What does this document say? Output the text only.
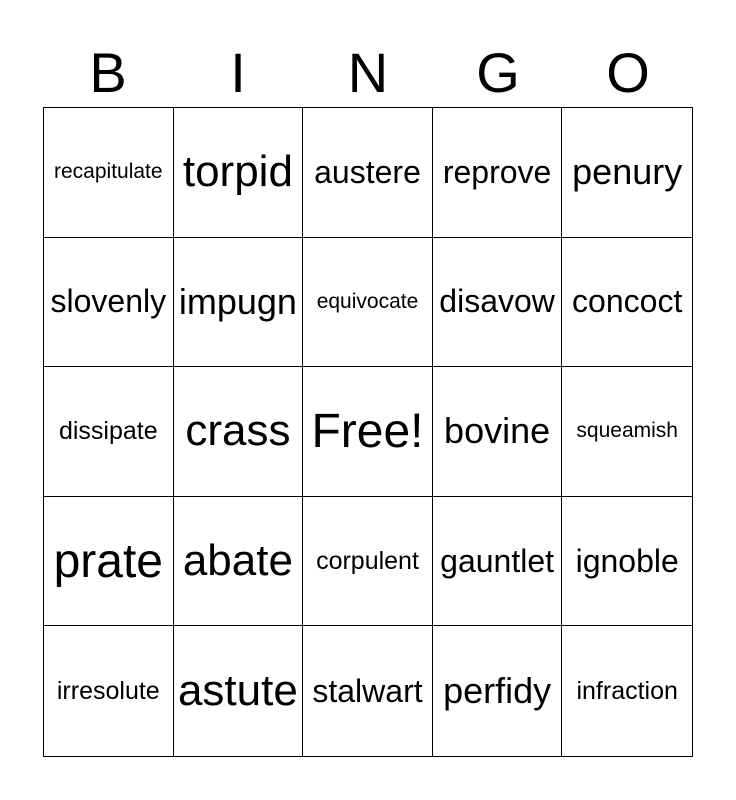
B	I	N	G	O
recapitulate torpid austere reprove penury
slovenly impugn equivocate disavow concoct
dissipate crass Free! bovine	squeamish
prate abate corpulent gauntlet ignoble
irresolute astute stalwart perfidy	infraction
